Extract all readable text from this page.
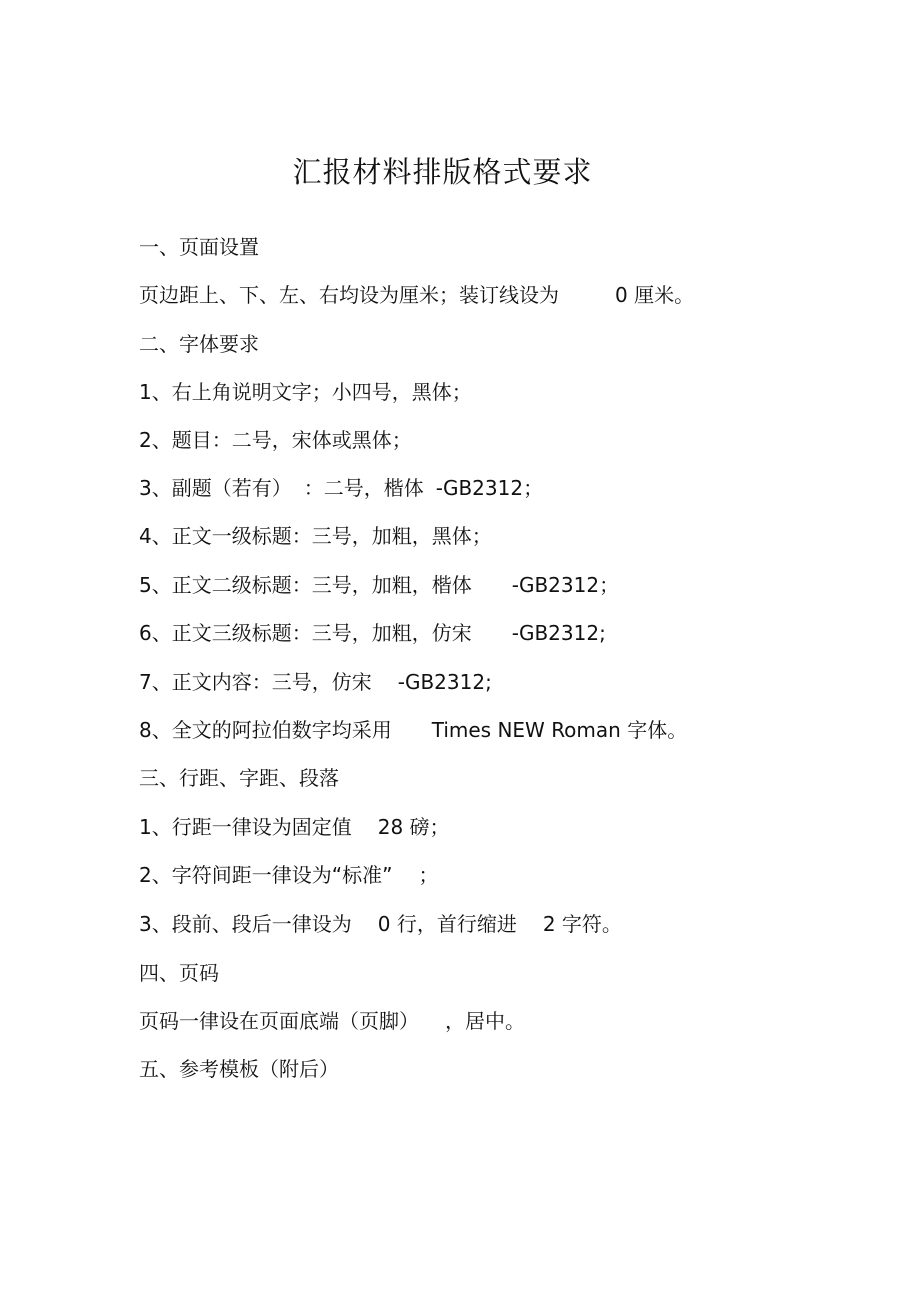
汇报材料排版格式要求

一、页面设置

页边距上、下、左、右均设为厘米；装订线设为	0 厘米。

二、字体要求

1、右上角说明文字；小四号，黑体；

2、题目：二号，宋体或黑体；

3、副题（若有） ：二号，楷体 -GB2312；

4、正文一级标题：三号，加粗，黑体；

5、正文二级标题：三号，加粗，楷体 -GB2312；

6、正文三级标题：三号，加粗，仿宋 -GB2312;

7、正文内容：三号，仿宋 -GB2312;

8、全文的阿拉伯数字均采用 Times NEW Roman 字体。

三、行距、字距、段落

1、行距一律设为固定值 28 磅；

2、字符间距一律设为“标准” ；

3、段前、段后一律设为 0 行，首行缩进 2 字符。

四、页码

页码一律设在页面底端（页脚） ，居中。

五、参考模板（附后）
